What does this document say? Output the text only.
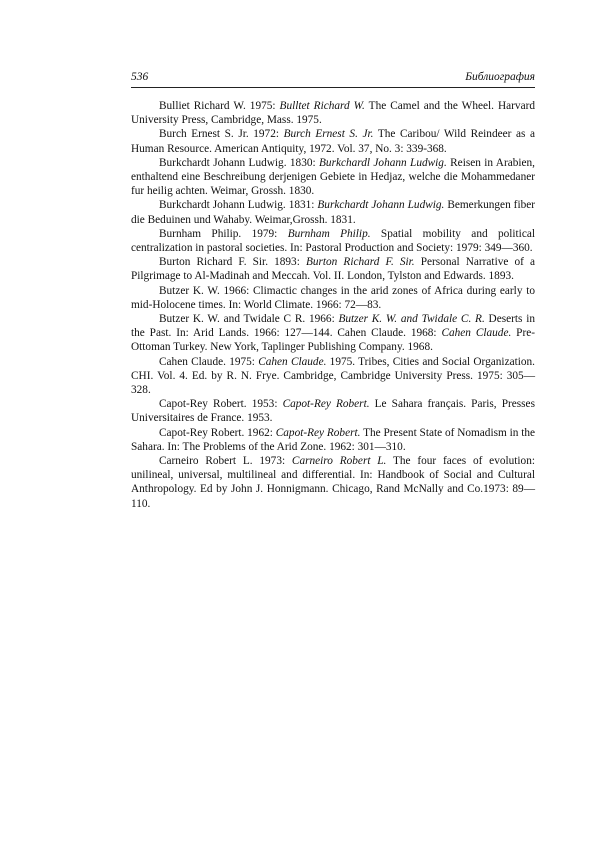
536	Библиография

Bulliet Richard W. 1975: Bulltet Richard W. The Camel and the Wheel. Harvard University Press, Cambridge, Mass. 1975.

Burch Ernest S. Jr. 1972: Burch Ernest S. Jr. The Caribou/ Wild Reindeer as a Human Resource. American Antiquity, 1972. Vol. 37, No. 3: 339-368.

Burkchardt Johann Ludwig. 1830: Burkchardl Johann Ludwig. Reisen in Arabien, enthaltend eine Beschreibung derjenigen Gebiete in Hedjaz, welche die Mohammedaner fur heilig achten. Weimar, Grossh. 1830.

Burkchardt Johann Ludwig. 1831: Burkchardt Johann Ludwig. Bemerkungen fiber die Beduinen und Wahaby. Weimar,Grossh. 1831.

Burnham Philip. 1979: Burnham Philip. Spatial mobility and political centralization in pastoral societies. In: Pastoral Production and Society: 1979: 349—360.

Burton Richard F. Sir. 1893: Burton Richard F. Sir. Personal Narrative of a Pilgrimage to Al-Madinah and Meccah. Vol. II. London, Tylston and Edwards. 1893.

Butzer K. W. 1966: Climactic changes in the arid zones of Africa during early to mid-Holocene times. In: World Climate. 1966: 72—83.

Butzer K. W. and Twidale C R. 1966: Butzer K. W. and Twidale C. R. Deserts in the Past. In: Arid Lands. 1966: 127—144. Cahen Claude. 1968: Cahen Claude. Pre-Ottoman Turkey. New York, Taplinger Publishing Company. 1968.

Cahen Claude. 1975: Cahen Claude. 1975. Tribes, Cities and Social Organization. CHI. Vol. 4. Ed. by R. N. Frye. Cambridge, Cambridge University Press. 1975: 305—328.

Capot-Rey Robert. 1953: Capot-Rey Robert. Le Sahara français. Paris, Presses Universitaires de France. 1953.

Capot-Rey Robert. 1962: Capot-Rey Robert. The Present State of Nomadism in the Sahara. In: The Problems of the Arid Zone. 1962: 301—310.

Carneiro Robert L. 1973: Carneiro Robert L. The four faces of evolution: unilineal, universal, multilineal and differential. In: Handbook of Social and Cultural Anthropology. Ed by John J. Honnigmann. Chicago, Rand McNally and Co.1973: 89—110.
